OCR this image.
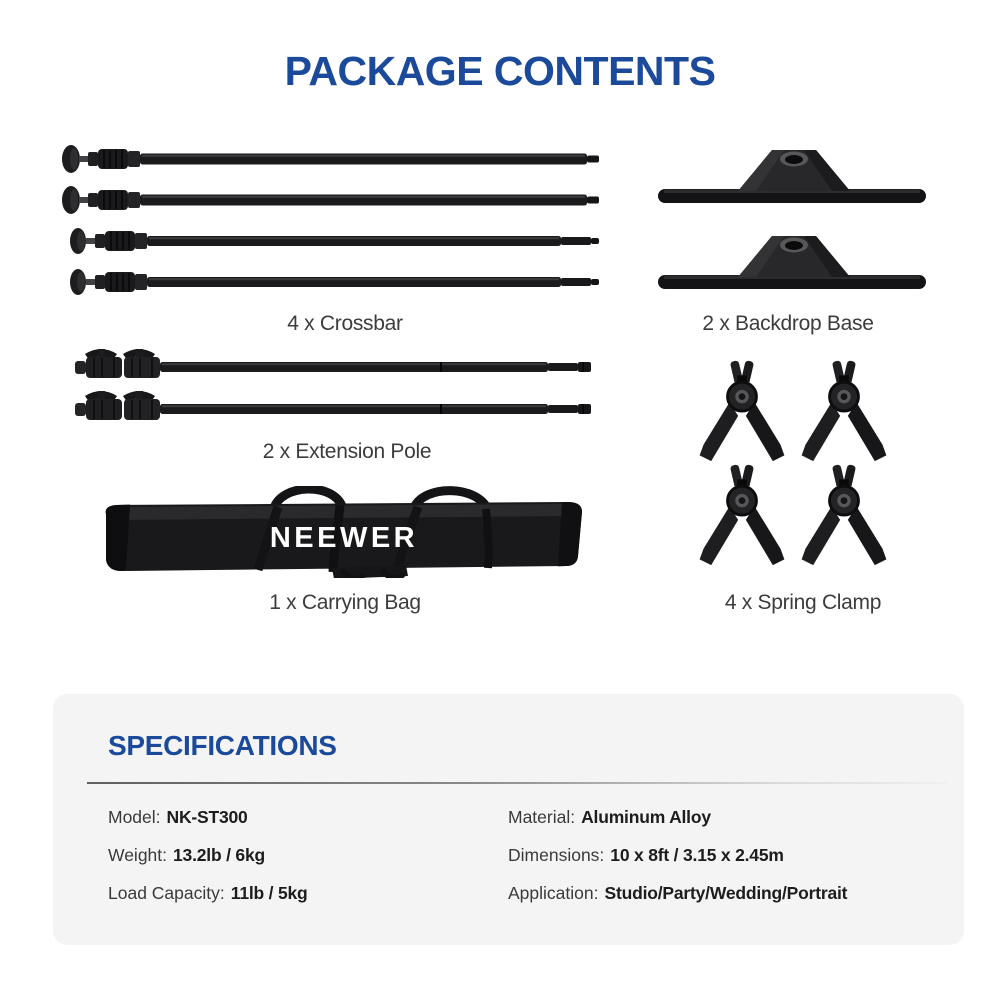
PACKAGE CONTENTS
4 x Crossbar	2 x Backdrop Base
2 x Extension Pole
NEEWER
1 x Carrying Bag	4 x Spring Clamp
SPECIFICATIONS
Model: NK-ST300
Weight: 13.2lb / 6kg
Load Capacity: 11lb / 5kg
Material: Aluminum Alloy
Dimensions: 10 x 8ft / 3.15 x 2.45m
Application: Studio/Party/Wedding/Portrait
